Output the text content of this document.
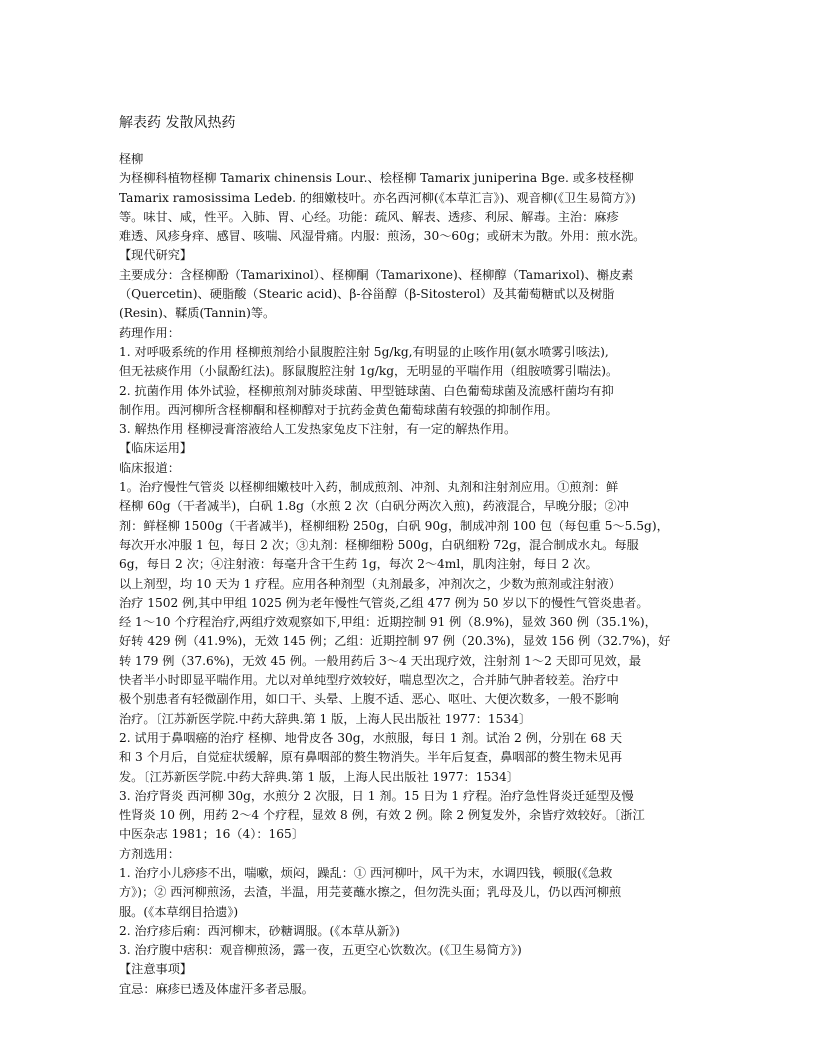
解表药 发散风热药
柽柳
为柽柳科植物柽柳 Tamarix chinensis Lour.、桧柽柳 Tamarix juniperina Bge. 或多枝柽柳
Tamarix ramosissima Ledeb. 的细嫩枝叶。亦名西河柳(《本草汇言》)、观音柳(《卫生易简方》)
等。味甘、咸，性平。入肺、胃、心经。功能：疏风、解表、透疹、利尿、解毒。主治：麻疹
难透、风疹身痒、感冒、咳喘、风湿骨痛。内服：煎汤，30～60g；或研末为散。外用：煎水洗。
【现代研究】
主要成分：含柽柳酚（Tamarixinol）、柽柳酮（Tamarixone)、柽柳醇（Tamarixol)、槲皮素
（Quercetin)、硬脂酸（Stearic acid)、β-谷甾醇（β-Sitosterol）及其葡萄糖甙以及树脂
(Resin)、鞣质(Tannin)等。
药理作用：
1. 对呼吸系统的作用 柽柳煎剂给小鼠腹腔注射 5g/kg,有明显的止咳作用(氨水喷雾引咳法),
但无祛痰作用（小鼠酚红法)。豚鼠腹腔注射 1g/kg，无明显的平喘作用（组胺喷雾引喘法)。
2. 抗菌作用 体外试验，柽柳煎剂对肺炎球菌、甲型链球菌、白色葡萄球菌及流感杆菌均有抑
制作用。西河柳所含柽柳酮和柽柳醇对于抗药金黄色葡萄球菌有较强的抑制作用。
3. 解热作用 柽柳浸膏溶液给人工发热家兔皮下注射，有一定的解热作用。
【临床运用】
临床报道：
1。治疗慢性气管炎 以柽柳细嫩枝叶入药，制成煎剂、冲剂、丸剂和注射剂应用。①煎剂：鲜
柽柳 60g（干者减半)，白矾 1.8g（水煎 2 次（白矾分两次入煎)，药液混合，早晚分服；②冲
剂：鲜柽柳 1500g（干者减半)，柽柳细粉 250g，白矾 90g，制成冲剂 100 包（每包重 5～5.5g)，
每次开水冲服 1 包，每日 2 次；③丸剂：柽柳细粉 500g，白矾细粉 72g，混合制成水丸。每服
6g，每日 2 次；④注射液：每毫升含干生药 1g，每次 2～4ml，肌肉注射，每日 2 次。
以上剂型，均 10 天为 1 疗程。应用各种剂型（丸剂最多，冲剂次之，少数为煎剂或注射液）
治疗 1502 例,其中甲组 1025 例为老年慢性气管炎,乙组 477 例为 50 岁以下的慢性气管炎患者。
经 1～10 个疗程治疗,两组疗效观察如下,甲组：近期控制 91 例（8.9%)，显效 360 例（35.1%)，
好转 429 例（41.9%)，无效 145 例；乙组：近期控制 97 例（20.3%)，显效 156 例（32.7%)，好
转 179 例（37.6%)，无效 45 例。一般用药后 3～4 天出现疗效，注射剂 1～2 天即可见效，最
快者半小时即显平喘作用。尤以对单纯型疗效较好，喘息型次之，合并肺气肿者较差。治疗中
极个别患者有轻微副作用，如口干、头晕、上腹不适、恶心、呕吐、大便次数多，一般不影响
治疗。〔江苏新医学院.中药大辞典.第 1 版，上海人民出版社 1977：1534〕
2. 试用于鼻咽癌的治疗 柽柳、地骨皮各 30g，水煎服，每日 1 剂。试治 2 例，分别在 68 天
和 3 个月后，自觉症状缓解，原有鼻咽部的赘生物消失。半年后复查，鼻咽部的赘生物未见再
发。〔江苏新医学院.中药大辞典.第 1 版，上海人民出版社 1977：1534〕
3. 治疗肾炎 西河柳 30g，水煎分 2 次服，日 1 剂。15 日为 1 疗程。治疗急性肾炎迁延型及慢
性肾炎 10 例，用药 2～4 个疗程，显效 8 例，有效 2 例。除 2 例复发外，余皆疗效较好。〔浙江
中医杂志 1981；16（4）：165〕
方剂选用：
1. 治疗小儿痧疹不出，喘嗽，烦闷，躁乱：① 西河柳叶，风干为末，水调四钱，顿服(《急救
方》)；② 西河柳煎汤，去渣，半温，用芫荽蘸水擦之，但勿洗头面；乳母及儿，仍以西河柳煎
服。(《本草纲目拾遗》)
2. 治疗疹后痢：西河柳末，砂糖调服。(《本草从新》)
3. 治疗腹中痞积：观音柳煎汤，露一夜，五更空心饮数次。(《卫生易简方》)
【注意事项】
宜忌：麻疹已透及体虚汗多者忌服。
